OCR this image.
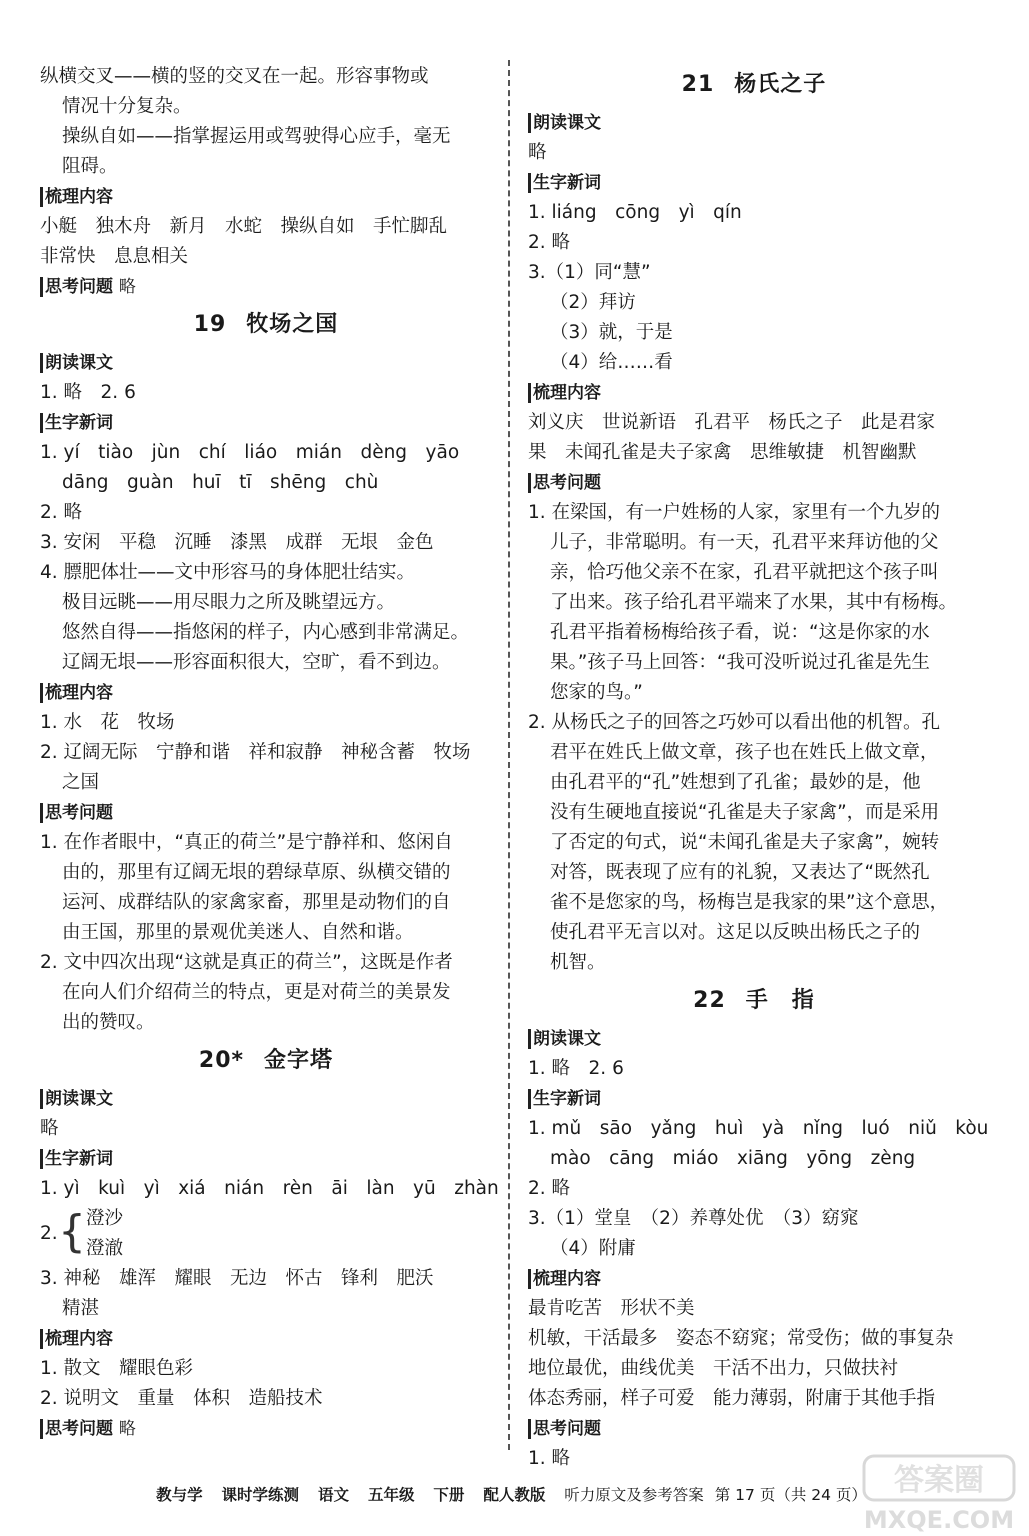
纵横交叉——横的竖的交叉在一起。形容事物或
情况十分复杂。
操纵自如——指掌握运用或驾驶得心应手，毫无
阻碍。
梳理内容
小艇　独木舟　新月　水蛇　操纵自如　手忙脚乱
非常快　息息相关
思考问题 略
19 牧场之国
朗读课文
1. 略　2. 6
生字新词
1. yí　tiào　jùn　chí　liáo　mián　dèng　yāo
dāng　guàn　huī　tī　shēng　chù
2. 略
3. 安闲　平稳　沉睡　漆黑　成群　无垠　金色
4. 膘肥体壮——文中形容马的身体肥壮结实。
极目远眺——用尽眼力之所及眺望远方。
悠然自得——指悠闲的样子，内心感到非常满足。
辽阔无垠——形容面积很大，空旷，看不到边。
梳理内容
1. 水　花　牧场
2. 辽阔无际　宁静和谐　祥和寂静　神秘含蓄　牧场
之国
思考问题
1. 在作者眼中，“真正的荷兰”是宁静祥和、悠闲自
由的，那里有辽阔无垠的碧绿草原、纵横交错的
运河、成群结队的家禽家畜，那里是动物们的自
由王国，那里的景观优美迷人、自然和谐。
2. 文中四次出现“这就是真正的荷兰”，这既是作者
在向人们介绍荷兰的特点，更是对荷兰的美景发
出的赞叹。
20* 金字塔
朗读课文
略
生字新词
1. yì　kuì　yì　xiá　nián　rèn　āi　làn　yū　zhàn
2. { 澄沙
澄澈
3. 神秘　雄浑　耀眼　无边　怀古　锋利　肥沃
精湛
梳理内容
1. 散文　耀眼色彩
2. 说明文　重量　体积　造船技术
思考问题 略
21 杨氏之子
朗读课文
略
生字新词
1. liáng　cōng　yì　qín
2. 略
3.（1）同“慧”
（2）拜访
（3）就，于是
（4）给……看
梳理内容
刘义庆　世说新语　孔君平　杨氏之子　此是君家
果　未闻孔雀是夫子家禽　思维敏捷　机智幽默
思考问题
1. 在梁国，有一户姓杨的人家，家里有一个九岁的
儿子，非常聪明。有一天，孔君平来拜访他的父
亲，恰巧他父亲不在家，孔君平就把这个孩子叫
了出来。孩子给孔君平端来了水果，其中有杨梅。
孔君平指着杨梅给孩子看，说：“这是你家的水
果。”孩子马上回答：“我可没听说过孔雀是先生
您家的鸟。”
2. 从杨氏之子的回答之巧妙可以看出他的机智。孔
君平在姓氏上做文章，孩子也在姓氏上做文章，
由孔君平的“孔”姓想到了孔雀；最妙的是，他
没有生硬地直接说“孔雀是夫子家禽”，而是采用
了否定的句式，说“未闻孔雀是夫子家禽”，婉转
对答，既表现了应有的礼貌，又表达了“既然孔
雀不是您家的鸟，杨梅岂是我家的果”这个意思，
使孔君平无言以对。这足以反映出杨氏之子的
机智。
22 手　指
朗读课文
1. 略　2. 6
生字新词
1. mǔ　sāo　yǎng　huì　yà　nǐng　luó　niǔ　kòu
mào　cāng　miáo　xiāng　yōng　zèng
2. 略
3.（1）堂皇　（2）养尊处优　（3）窈窕
（4）附庸
梳理内容
最肯吃苦　形状不美
机敏，干活最多　姿态不窈窕；常受伤；做的事复杂
地位最优，曲线优美　干活不出力，只做扶衬
体态秀丽，样子可爱　能力薄弱，附庸于其他手指
思考问题
1. 略
教与学 课时学练测 语文 五年级 下册 配人教版 听力原文及参考答案 第 17 页（共 24 页） 答案圈
MXQE.COM
